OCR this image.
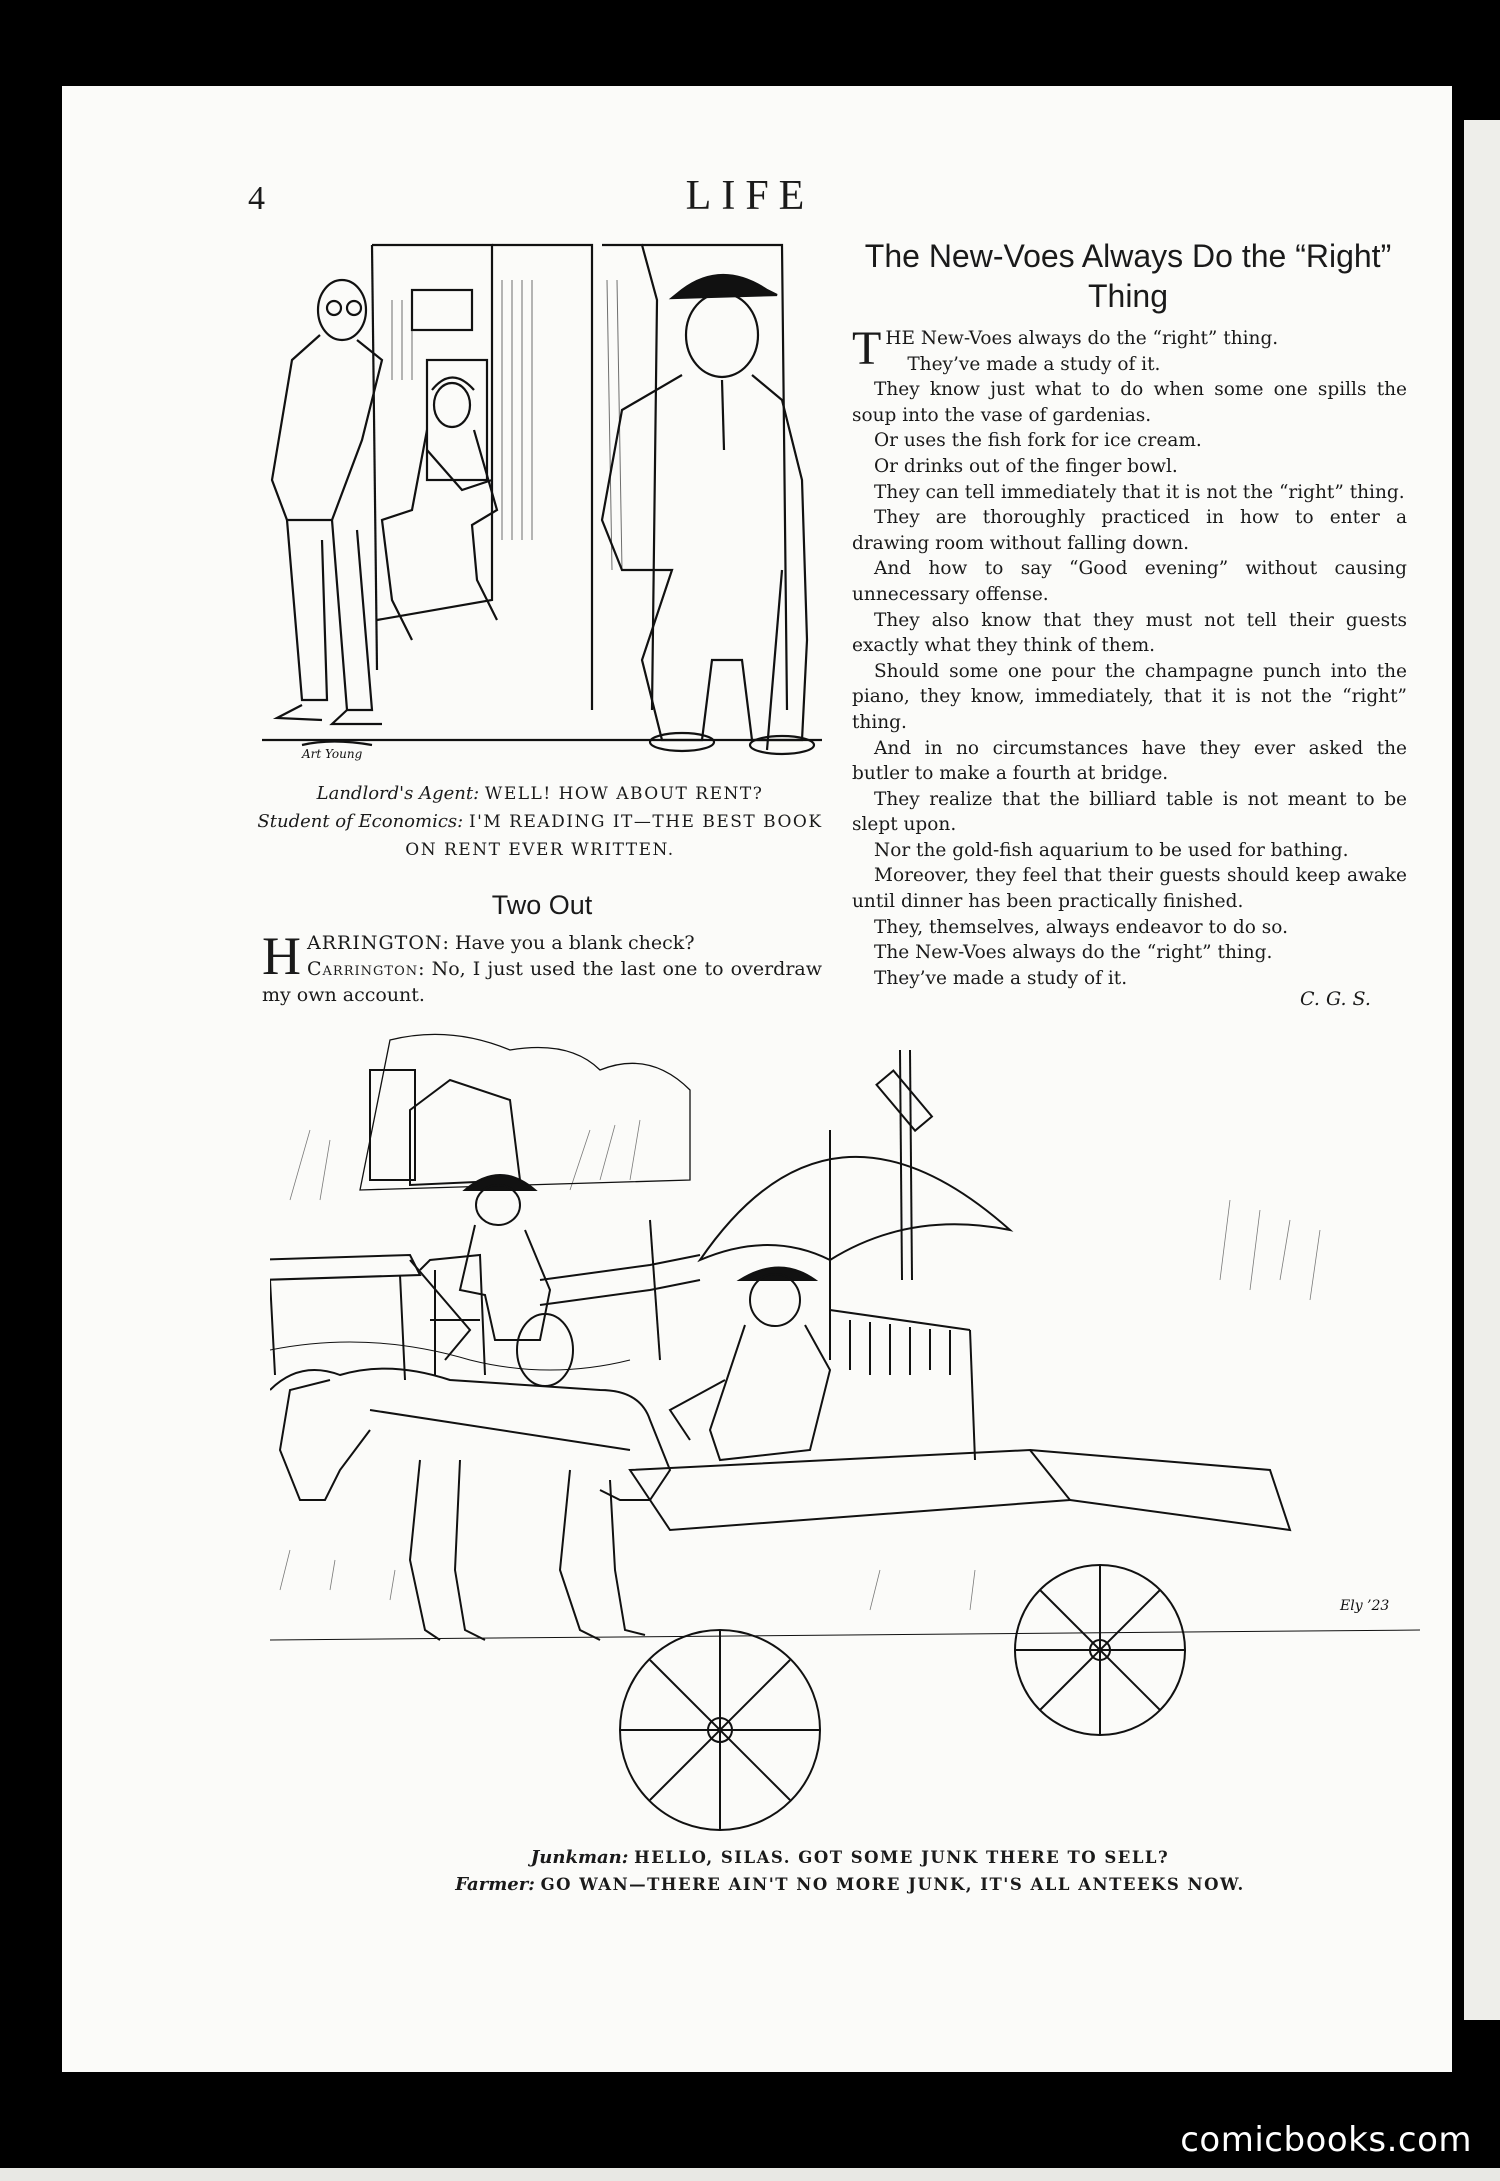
comicbooks.com
4	LIFE
Art Young
Landlord's Agent: WELL! HOW ABOUT RENT?
Student of Economics: I'M READING IT—THE BEST BOOK ON RENT EVER WRITTEN.
Two Out
H ARRINGTON: Have you a blank check?
Carrington: No, I just used the last one to overdraw my own account.
The New-Voes Always Do the “Right” Thing

THE New-Voes always do the “right” thing.

They’ve made a study of it.

They know just what to do when some one spills the soup into the vase of gardenias.

Or uses the fish fork for ice cream.

Or drinks out of the finger bowl.

They can tell immediately that it is not the “right” thing.

They are thoroughly practiced in how to enter a drawing room without falling down.

And how to say “Good evening” without causing unnecessary offense.

They also know that they must not tell their guests exactly what they think of them.

Should some one pour the champagne punch into the piano, they know, immediately, that it is not the “right” thing.

And in no circumstances have they ever asked the butler to make a fourth at bridge.

They realize that the billiard table is not meant to be slept upon.

Nor the gold-fish aquarium to be used for bathing.

Moreover, they feel that their guests should keep awake until dinner has been practically finished.

They, themselves, always endeavor to do so.

The New-Voes always do the “right” thing.

They’ve made a study of it.

C. G. S.
Ely ’23
Junkman: HELLO, SILAS. GOT SOME JUNK THERE TO SELL?
Farmer: GO WAN—THERE AIN'T NO MORE JUNK, IT'S ALL ANTEEKS NOW.
